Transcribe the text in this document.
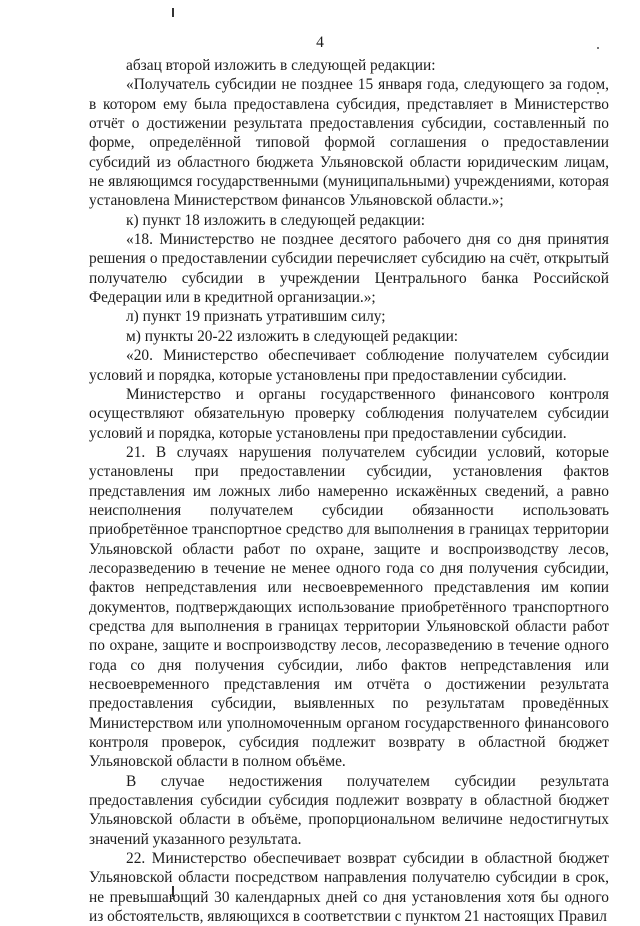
4

абзац второй изложить в следующей редакции:

«Получатель субсидии не позднее 15 января года, следующего за годом, в котором ему была предоставлена субсидия, представляет в Министерство отчёт о достижении результата предоставления субсидии, составленный по форме, определённой типовой формой соглашения о предоставлении субсидий из областного бюджета Ульяновской области юридическим лицам, не являющимся государственными (муниципальными) учреждениями, которая установлена Министерством финансов Ульяновской области.»;

к) пункт 18 изложить в следующей редакции:

«18. Министерство не позднее десятого рабочего дня со дня принятия решения о предоставлении субсидии перечисляет субсидию на счёт, открытый получателю субсидии в учреждении Центрального банка Российской Федерации или в кредитной организации.»;

л) пункт 19 признать утратившим силу;

м) пункты 20-22 изложить в следующей редакции:

«20. Министерство обеспечивает соблюдение получателем субсидии условий и порядка, которые установлены при предоставлении субсидии.

Министерство и органы государственного финансового контроля осуществляют обязательную проверку соблюдения получателем субсидии условий и порядка, которые установлены при предоставлении субсидии.

21. В случаях нарушения получателем субсидии условий, которые установлены при предоставлении субсидии, установления фактов представления им ложных либо намеренно искажённых сведений, а равно неисполнения получателем субсидии обязанности использовать приобретённое транспортное средство для выполнения в границах территории Ульяновской области работ по охране, защите и воспроизводству лесов, лесоразведению в течение не менее одного года со дня получения субсидии, фактов непредставления или несвоевременного представления им копии документов, подтверждающих использование приобретённого транспортного средства для выполнения в границах территории Ульяновской области работ по охране, защите и воспроизводству лесов, лесоразведению в течение одного года со дня получения субсидии, либо фактов непредставления или несвоевременного представления им отчёта о достижении результата предоставления субсидии, выявленных по результатам проведённых Министерством или уполномоченным органом государственного финансового контроля проверок, субсидия подлежит возврату в областной бюджет Ульяновской области в полном объёме.

В случае недостижения получателем субсидии результата предоставления субсидии субсидия подлежит возврату в областной бюджет Ульяновской области в объёме, пропорциональном величине недостигнутых значений указанного результата.

22. Министерство обеспечивает возврат субсидии в областной бюджет Ульяновской области посредством направления получателю субсидии в срок, не превышающий 30 календарных дней со дня установления хотя бы одного из обстоятельств, являющихся в соответствии с пунктом 21 настоящих Правил
